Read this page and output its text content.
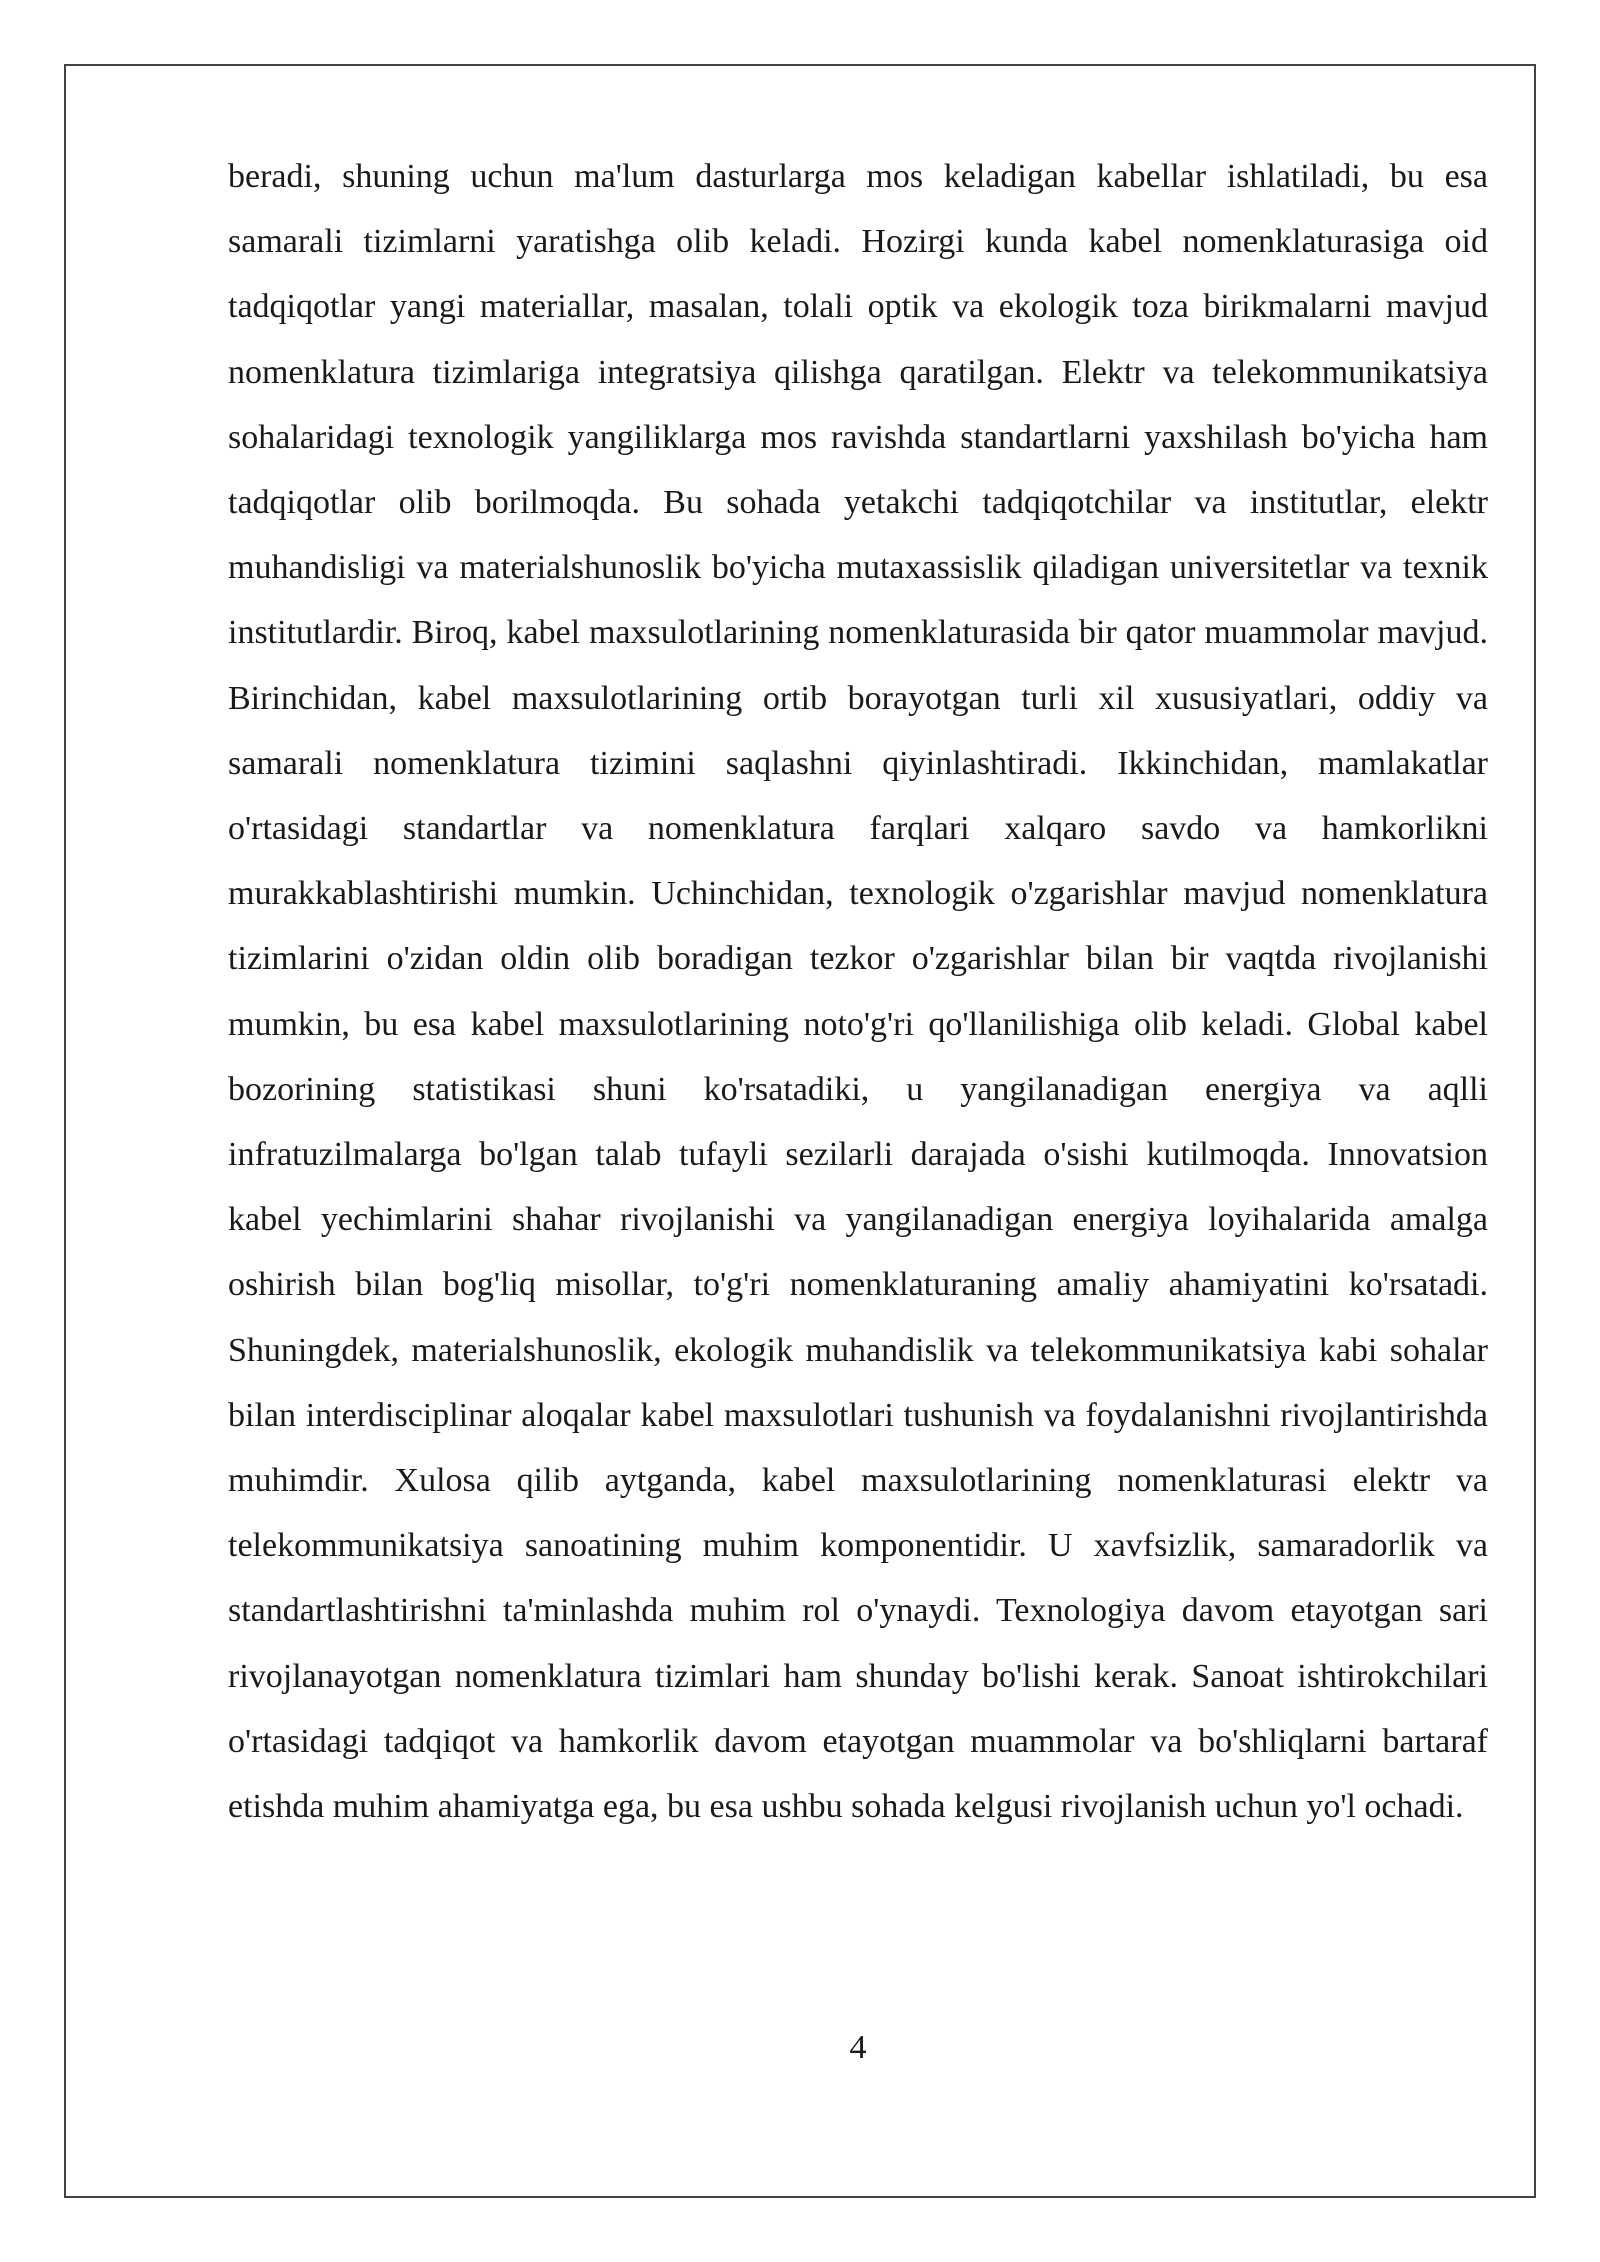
beradi, shuning uchun ma'lum dasturlarga mos keladigan kabellar ishlatiladi, bu esa samarali tizimlarni yaratishga olib keladi. Hozirgi kunda kabel nomenklaturasiga oid tadqiqotlar yangi materiallar, masalan, tolali optik va ekologik toza birikmalarni mavjud nomenklatura tizimlariga integratsiya qilishga qaratilgan. Elektr va telekommunikatsiya sohalaridagi texnologik yangiliklarga mos ravishda standartlarni yaxshilash bo'yicha ham tadqiqotlar olib borilmoqda. Bu sohada yetakchi tadqiqotchilar va institutlar, elektr muhandisligi va materialshunoslik bo'yicha mutaxassislik qiladigan universitetlar va texnik institutlardir. Biroq, kabel maxsulotlarining nomenklaturasida bir qator muammolar mavjud. Birinchidan, kabel maxsulotlarining ortib borayotgan turli xil xususiyatlari, oddiy va samarali nomenklatura tizimini saqlashni qiyinlashtiradi. Ikkinchidan, mamlakatlar o'rtasidagi standartlar va nomenklatura farqlari xalqaro savdo va hamkorlikni murakkablashtirishi mumkin. Uchinchidan, texnologik o'zgarishlar mavjud nomenklatura tizimlarini o'zidan oldin olib boradigan tezkor o'zgarishlar bilan bir vaqtda rivojlanishi mumkin, bu esa kabel maxsulotlarining noto'g'ri qo'llanilishiga olib keladi. Global kabel bozorining statistikasi shuni ko'rsatadiki, u yangilanadigan energiya va aqlli infratuzilmalarga bo'lgan talab tufayli sezilarli darajada o'sishi kutilmoqda. Innovatsion kabel yechimlarini shahar rivojlanishi va yangilanadigan energiya loyihalarida amalga oshirish bilan bog'liq misollar, to'g'ri nomenklaturaning amaliy ahamiyatini ko'rsatadi. Shuningdek, materialshunoslik, ekologik muhandislik va telekommunikatsiya kabi sohalar bilan interdisciplinar aloqalar kabel maxsulotlari tushunish va foydalanishni rivojlantirishda muhimdir. Xulosa qilib aytganda, kabel maxsulotlarining nomenklaturasi elektr va telekommunikatsiya sanoatining muhim komponentidir. U xavfsizlik, samaradorlik va standartlashtirishni ta'minlashda muhim rol o'ynaydi. Texnologiya davom etayotgan sari rivojlanayotgan nomenklatura tizimlari ham shunday bo'lishi kerak. Sanoat ishtirokchilari o'rtasidagi tadqiqot va hamkorlik davom etayotgan muammolar va bo'shliqlarni bartaraf etishda muhim ahamiyatga ega, bu esa ushbu sohada kelgusi rivojlanish uchun yo'l ochadi.

4
